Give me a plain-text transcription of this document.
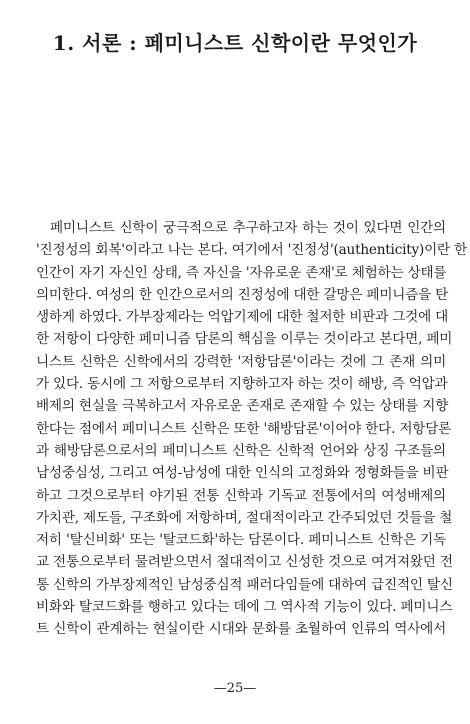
1. 서론 : 페미니스트 신학이란 무엇인가
페미니스트 신학이 궁극적으로 추구하고자 하는 것이 있다면 인간의
'진정성의 회복'이라고 나는 본다. 여기에서 '진정성'(authenticity)이란 한
인간이 자기 자신인 상태, 즉 자신을 '자유로운 존재'로 체험하는 상태를
의미한다. 여성의 한 인간으로서의 진정성에 대한 갈망은 페미니즘을 탄
생하게 하였다. 가부장제라는 억압기제에 대한 철저한 비판과 그것에 대
한 저항이 다양한 페미니즘 담론의 핵심을 이루는 것이라고 본다면, 페미
니스트 신학은 신학에서의 강력한 '저항담론'이라는 것에 그 존재 의미
가 있다. 동시에 그 저항으로부터 지향하고자 하는 것이 해방, 즉 억압과
배제의 현실을 극복하고서 자유로운 존재로 존재할 수 있는 상태를 지향
한다는 점에서 페미니스트 신학은 또한 '해방담론'이어야 한다. 저항담론
과 해방담론으로서의 페미니스트 신학은 신학적 언어와 상징 구조들의
남성중심성, 그리고 여성-남성에 대한 인식의 고정화와 정형화들을 비판
하고 그것으로부터 야기된 전통 신학과 기독교 전통에서의 여성배제의
가치관, 제도들, 구조화에 저항하며, 절대적이라고 간주되었던 것들을 철
저히 '탈신비화' 또는 '탈코드화'하는 담론이다. 페미니스트 신학은 기독
교 전통으로부터 물려받으면서 절대적이고 신성한 것으로 여겨져왔던 전
통 신학의 가부장제적인 남성중심적 패러다임들에 대하여 급진적인 탈신
비화와 탈코드화를 행하고 있다는 데에 그 역사적 기능이 있다. 페미니스
트 신학이 관계하는 현실이란 시대와 문화를 초월하여 인류의 역사에서
—25—
